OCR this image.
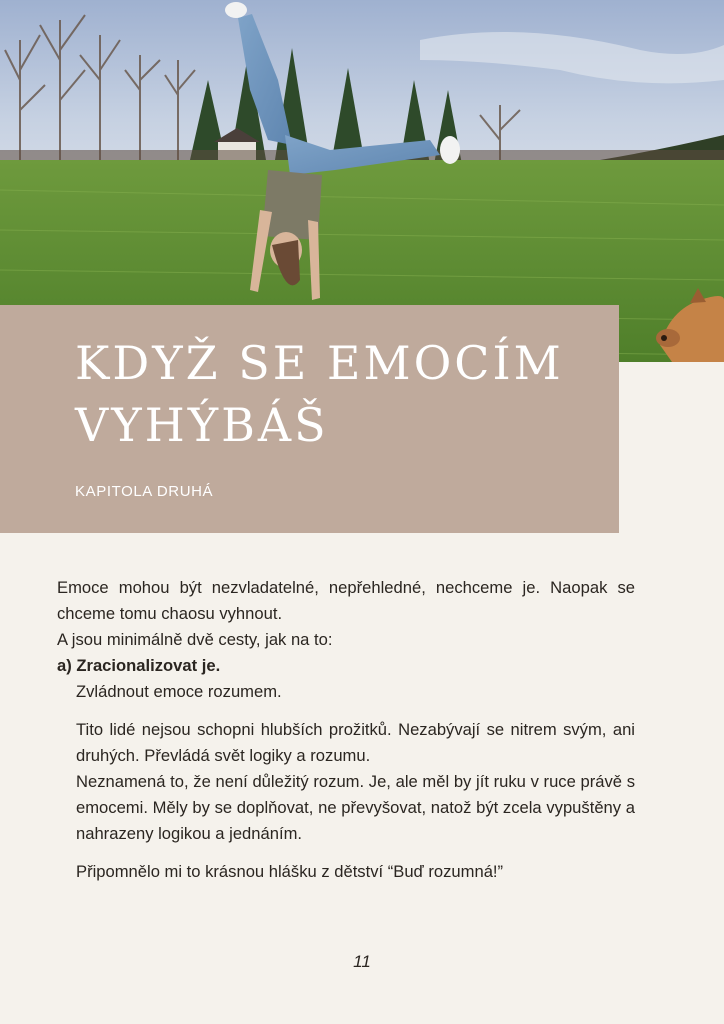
KDYŽ SE EMOCÍM VYHÝBÁŠ
KAPITOLA DRUHÁ

Emoce mohou být nezvladatelné, nepřehledné, nechceme je. Naopak se chceme tomu chaosu vyhnout.

A jsou minimálně dvě cesty, jak na to:

a) Zracionalizovat je.

Zvládnout emoce rozumem.

Tito lidé nejsou schopni hlubších prožitků. Nezabývají se nitrem svým, ani druhých. Převládá svět logiky a rozumu.

Neznamená to, že není důležitý rozum. Je, ale měl by jít ruku v ruce právě s emocemi. Měly by se doplňovat, ne převyšovat, natož být zcela vypuštěny a nahrazeny logikou a jednáním.

Připomnělo mi to krásnou hlášku z dětství “Buď rozumná!”

11
